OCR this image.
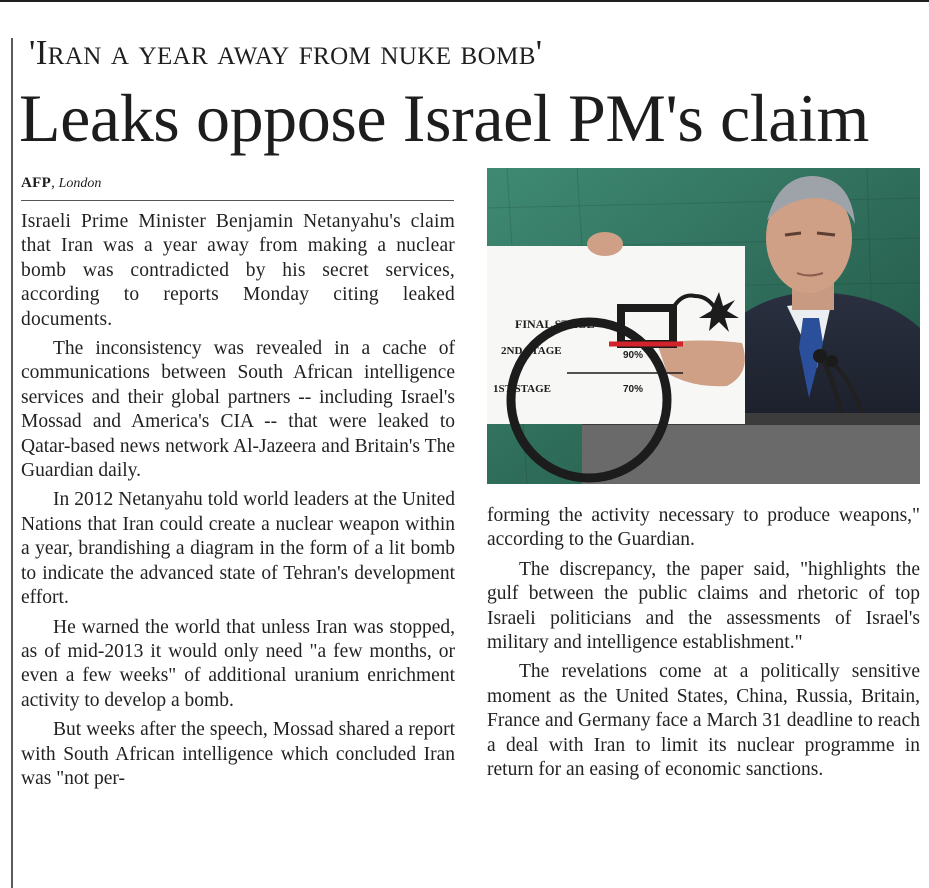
'Iran a year away from nuke bomb'
Leaks oppose Israel PM's claim
AFP, London

Israeli Prime Minister Benjamin Netanyahu's claim that Iran was a year away from making a nuclear bomb was contradicted by his secret services, according to reports Monday citing leaked documents.

The inconsistency was revealed in a cache of communications between South African intelligence services and their global partners -- including Israel's Mossad and America's CIA -- that were leaked to Qatar-based news network Al-Jazeera and Britain's The Guardian daily.

In 2012 Netanyahu told world leaders at the United Nations that Iran could create a nuclear weapon within a year, brandishing a diagram in the form of a lit bomb to indicate the advanced state of Tehran's development effort.

He warned the world that unless Iran was stopped, as of mid-2013 it would only need "a few months, or even a few weeks" of additional uranium enrichment activity to develop a bomb.

But weeks after the speech, Mossad shared a report with South African intelligence which concluded Iran was "not per-

FINAL STAGE
2ND STAGE	90%
1ST STAGE	70%

forming the activity necessary to produce weapons," according to the Guardian.

The discrepancy, the paper said, "highlights the gulf between the public claims and rhetoric of top Israeli politicians and the assessments of Israel's military and intelligence establishment."

The revelations come at a politically sensitive moment as the United States, China, Russia, Britain, France and Germany face a March 31 deadline to reach a deal with Iran to limit its nuclear programme in return for an easing of economic sanctions.
